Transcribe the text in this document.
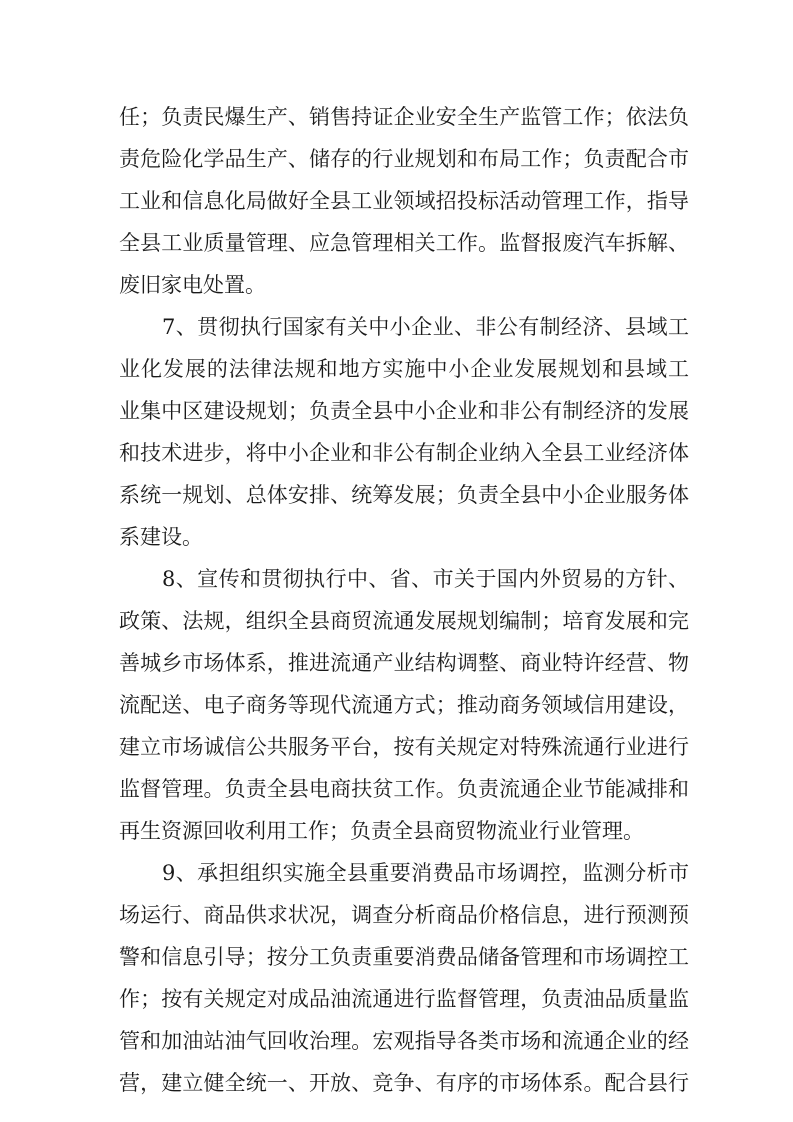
任；负责民爆生产、销售持证企业安全生产监管工作；依法负
责危险化学品生产、储存的行业规划和布局工作；负责配合市
工业和信息化局做好全县工业领域招投标活动管理工作，指导
全县工业质量管理、应急管理相关工作。监督报废汽车拆解、
废旧家电处置。
7、贯彻执行国家有关中小企业、非公有制经济、县域工
业化发展的法律法规和地方实施中小企业发展规划和县域工
业集中区建设规划；负责全县中小企业和非公有制经济的发展
和技术进步，将中小企业和非公有制企业纳入全县工业经济体
系统一规划、总体安排、统筹发展；负责全县中小企业服务体
系建设。
8、宣传和贯彻执行中、省、市关于国内外贸易的方针、
政策、法规，组织全县商贸流通发展规划编制；培育发展和完
善城乡市场体系，推进流通产业结构调整、商业特许经营、物
流配送、电子商务等现代流通方式；推动商务领域信用建设，
建立市场诚信公共服务平台，按有关规定对特殊流通行业进行
监督管理。负责全县电商扶贫工作。负责流通企业节能减排和
再生资源回收利用工作；负责全县商贸物流业行业管理。
9、承担组织实施全县重要消费品市场调控，监测分析市
场运行、商品供求状况，调查分析商品价格信息，进行预测预
警和信息引导；按分工负责重要消费品储备管理和市场调控工
作；按有关规定对成品油流通进行监督管理，负责油品质量监
管和加油站油气回收治理。宏观指导各类市场和流通企业的经
营，建立健全统一、开放、竞争、有序的市场体系。配合县行
